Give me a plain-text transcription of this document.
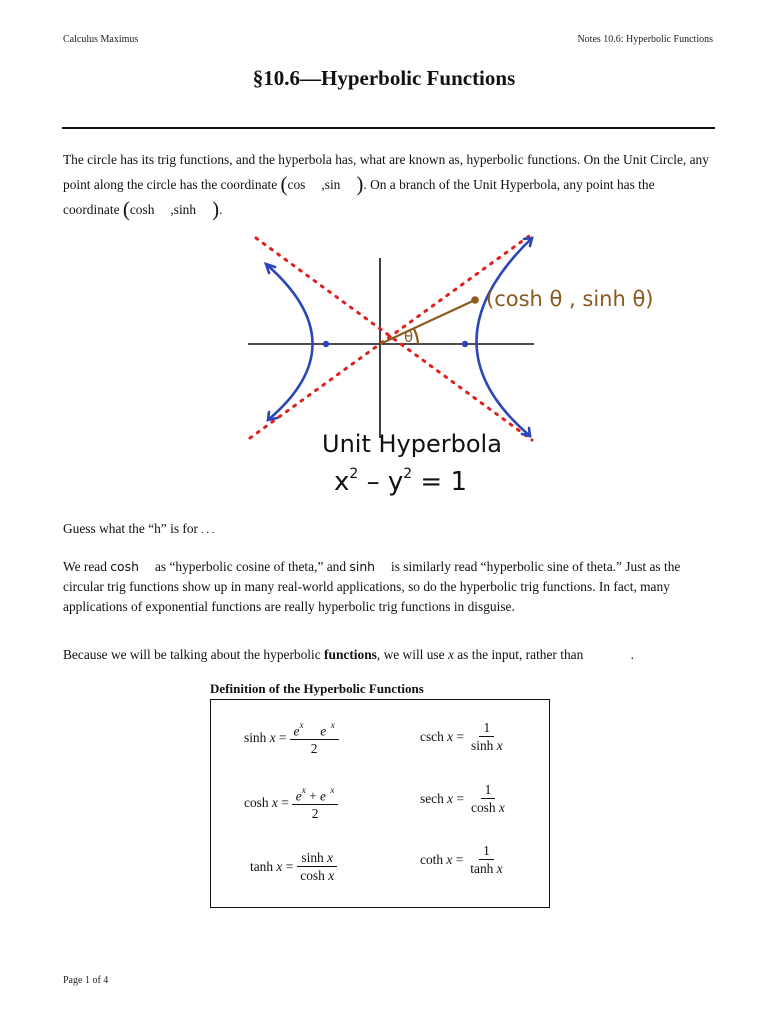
Calculus Maximus	Notes 10.6: Hyperbolic Functions
§10.6—Hyperbolic Functions
The circle has its trig functions, and the hyperbola has, what are known as, hyperbolic functions. On the Unit Circle, any point along the circle has the coordinate (cos ,sin ). On a branch of the Unit Hyperbola, any point has the coordinate (cosh ,sinh ).
θ
(cosh θ , sinh θ)
Unit Hyperbola
$x^2 - y^2 = 1$
Guess what the “h” is for . . .
We read cosh as “hyperbolic cosine of theta,” and sinh is similarly read “hyperbolic sine of theta.” Just as the circular trig functions show up in many real-world applications, so do the hyperbolic trig functions. In fact, many applications of exponential functions are really hyperbolic trig functions in disguise.
Because we will be talking about the hyperbolic functions, we will use x as the input, rather than	.
Definition of the Hyperbolic Functions
$\sinh x = \frac{e^x e ^x}{2}$
$\cosh x = \frac{e^x + e ^x}{2}$
$\tanh x = \frac{\text{sinh x}}{\text{cosh x}}$
csch $x = \frac{1}{\text{sinh x}}$
sech $x = \frac{1}{\text{cosh x}}$
coth $x = \frac{1}{\text{tanh x}}$
Page 1 of 4
